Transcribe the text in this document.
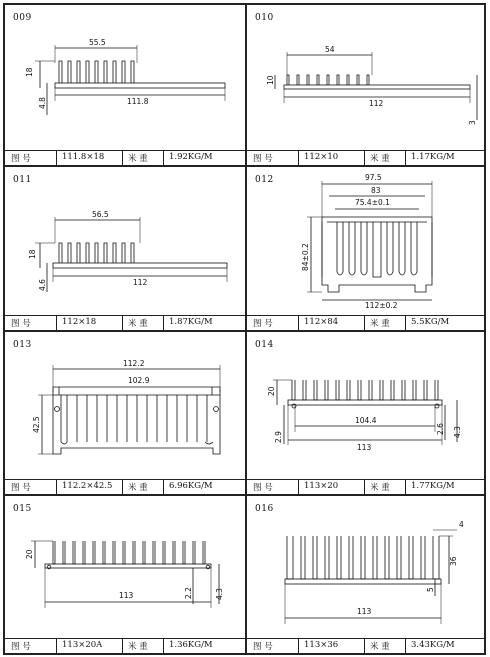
009
55.5
111.8
18
4.8
图 号	111.8×18	米 重	1.92KG/M
010
54
112
10
3
图 号	112×10	米 重	1.17KG/M
011
56.5
112
18
4.6
图 号	112×18	米 重	1.87KG/M
012	97.5
83
75.4±0.1
84±0.2
112±0.2
图 号	112×84	米 重	5.5KG/M
013
112.2
102.9
42.5
图 号	112.2×42.5 米 重	6.96KG/M
014
20
104.4
113
2.9
2.6 4.3
图 号	113×20	米 重	1.77KG/M
015
20
113	2.2	4.3
图 号	113×20A	米 重	1.36KG/M
016
4
36
113
5
图 号	113×36	米 重	3.43KG/M
